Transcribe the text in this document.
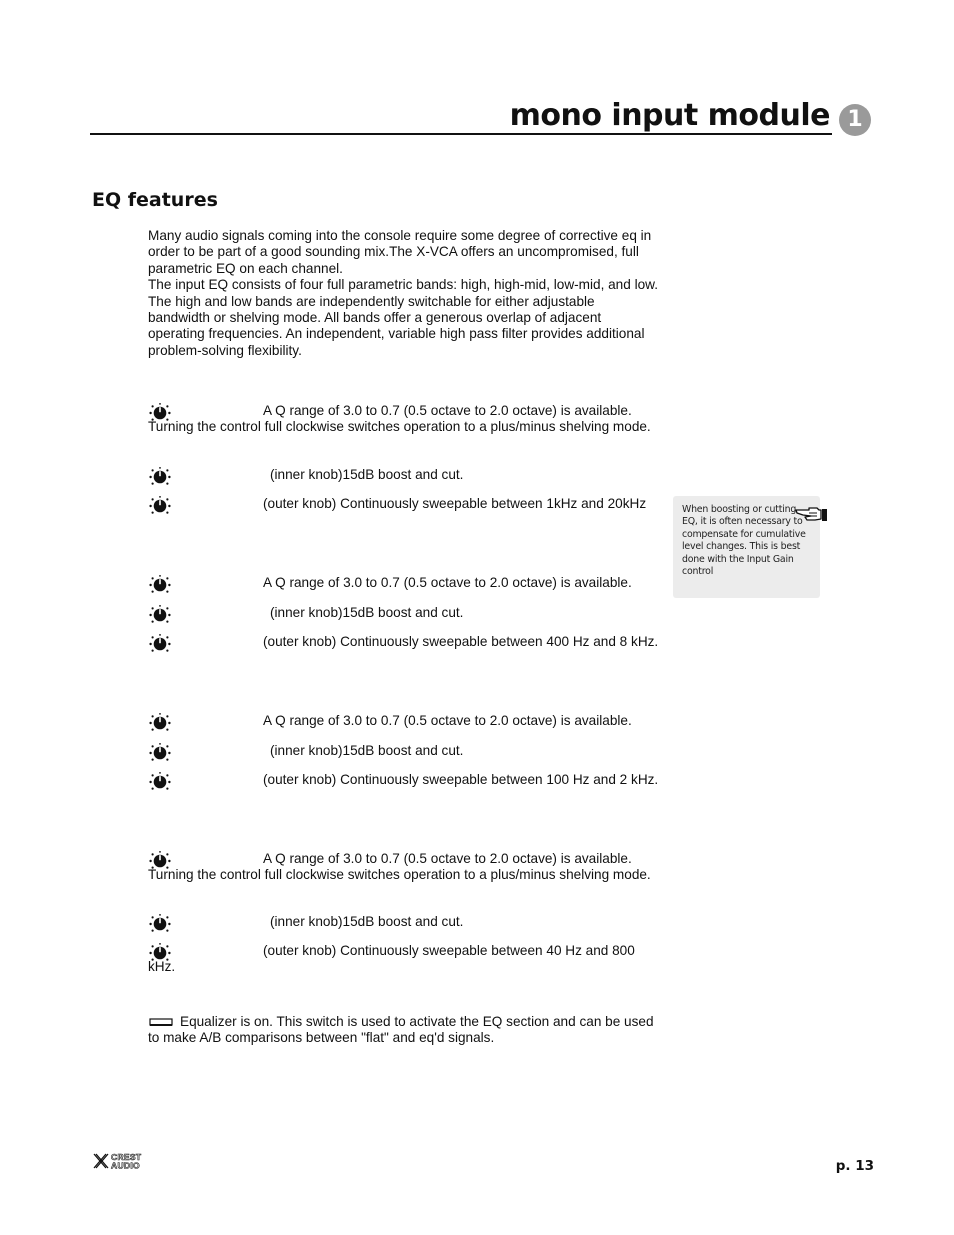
mono input module 1
EQ features

Many audio signals coming into the console require some degree of corrective eq in order to be part of a good sounding mix.The X-VCA offers an uncompromised, full parametric EQ on each channel.

The input EQ consists of four full parametric bands: high, high-mid, low-mid, and low. The high and low bands are independently switchable for either adjustable bandwidth or shelving mode. All bands offer a generous overlap of adjacent operating frequencies. An independent, variable high pass filter provides additional problem-solving flexibility.

A Q range of 3.0 to 0.7 (0.5 octave to 2.0 octave) is available. Turning the control full clockwise switches operation to a plus/minus shelving mode.

(inner knob)15dB boost and cut.

(outer knob) Continuously sweepable between 1kHz and 20kHz

A Q range of 3.0 to 0.7 (0.5 octave to 2.0 octave) is available.

(inner knob)15dB boost and cut.

(outer knob) Continuously sweepable between 400 Hz and 8 kHz.

A Q range of 3.0 to 0.7 (0.5 octave to 2.0 octave) is available.

(inner knob)15dB boost and cut.

(outer knob) Continuously sweepable between 100 Hz and 2 kHz.

A Q range of 3.0 to 0.7 (0.5 octave to 2.0 octave) is available. Turning the control full clockwise switches operation to a plus/minus shelving mode.

(inner knob)15dB boost and cut.

(outer knob) Continuously sweepable between 40 Hz and 800 kHz.

Equalizer is on. This switch is used to activate the EQ section and can be used to make A/B comparisons between "flat" and eq'd signals.

When boosting or cutting EQ, it is often necessary to compensate for cumulative level changes. This is best done with the Input Gain control

CREST
AUDIO	p. 13
